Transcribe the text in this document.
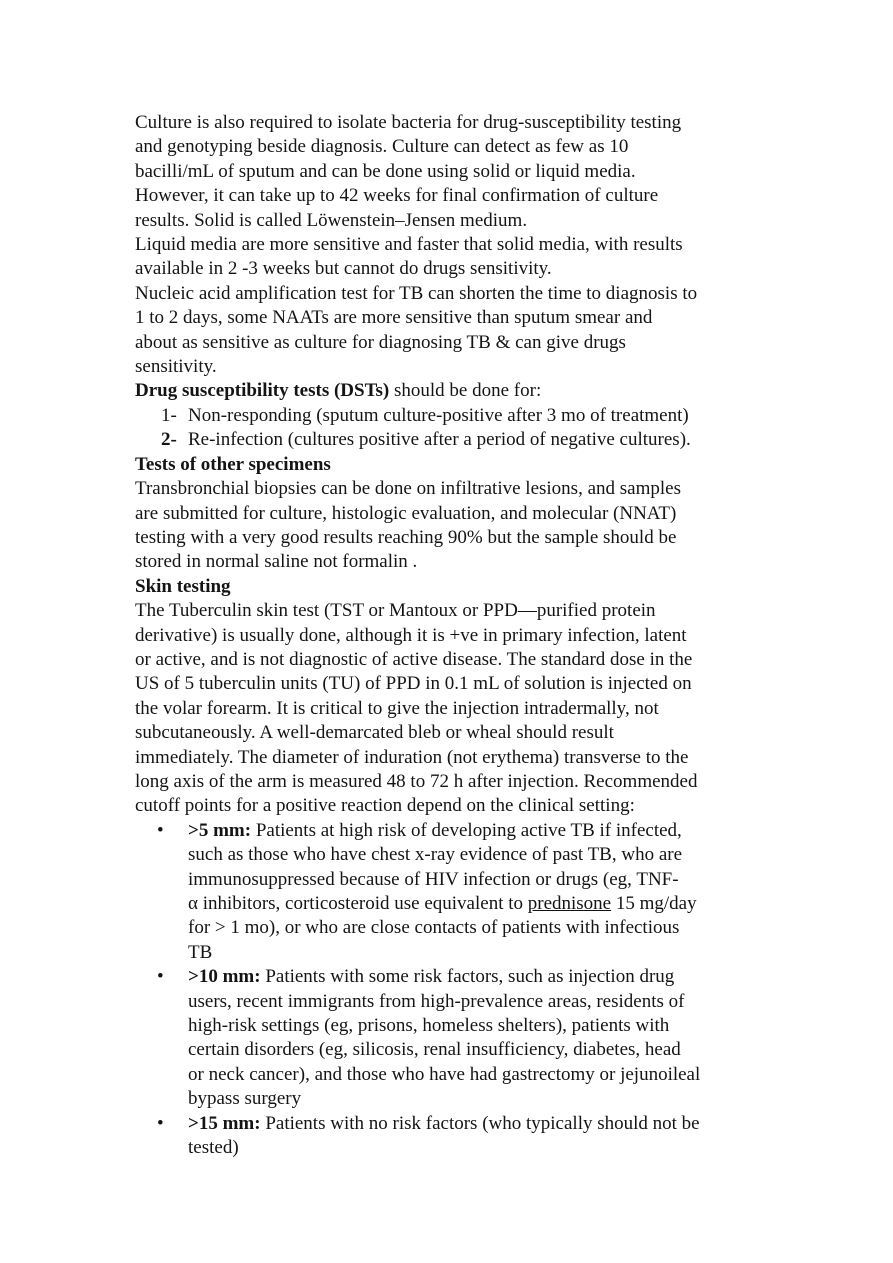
Culture is also required to isolate bacteria for drug-susceptibility testing
and genotyping beside diagnosis. Culture can detect as few as 10
bacilli/mL of sputum and can be done using solid or liquid media.
However, it can take up to 42 weeks for final confirmation of culture
results. Solid is called Löwenstein–Jensen medium.
Liquid media are more sensitive and faster that solid media, with results
available in 2 -3 weeks but cannot do drugs sensitivity.
Nucleic acid amplification test for TB can shorten the time to diagnosis to
1 to 2 days, some NAATs are more sensitive than sputum smear and
about as sensitive as culture for diagnosing TB & can give drugs
sensitivity.

Drug susceptibility tests (DSTs) should be done for:

1- Non-responding (sputum culture-positive after 3 mo of treatment)
2- Re-infection (cultures positive after a period of negative cultures).

Tests of other specimens

Transbronchial biopsies can be done on infiltrative lesions, and samples
are submitted for culture, histologic evaluation, and molecular (NNAT)
testing with a very good results reaching 90% but the sample should be
stored in normal saline not formalin .

Skin testing

The Tuberculin skin test (TST or Mantoux or PPD—purified protein
derivative) is usually done, although it is +ve in primary infection, latent
or active, and is not diagnostic of active disease. The standard dose in the
US of 5 tuberculin units (TU) of PPD in 0.1 mL of solution is injected on
the volar forearm. It is critical to give the injection intradermally, not
subcutaneously. A well-demarcated bleb or wheal should result
immediately. The diameter of induration (not erythema) transverse to the
long axis of the arm is measured 48 to 72 h after injection. Recommended
cutoff points for a positive reaction depend on the clinical setting:

• >5 mm: Patients at high risk of developing active TB if infected,
such as those who have chest x-ray evidence of past TB, who are
immunosuppressed because of HIV infection or drugs (eg, TNF-
α inhibitors, corticosteroid use equivalent to prednisone 15 mg/day
for > 1 mo), or who are close contacts of patients with infectious
TB
• >10 mm: Patients with some risk factors, such as injection drug
users, recent immigrants from high-prevalence areas, residents of
high-risk settings (eg, prisons, homeless shelters), patients with
certain disorders (eg, silicosis, renal insufficiency, diabetes, head
or neck cancer), and those who have had gastrectomy or jejunoileal
bypass surgery
• >15 mm: Patients with no risk factors (who typically should not be
tested)
